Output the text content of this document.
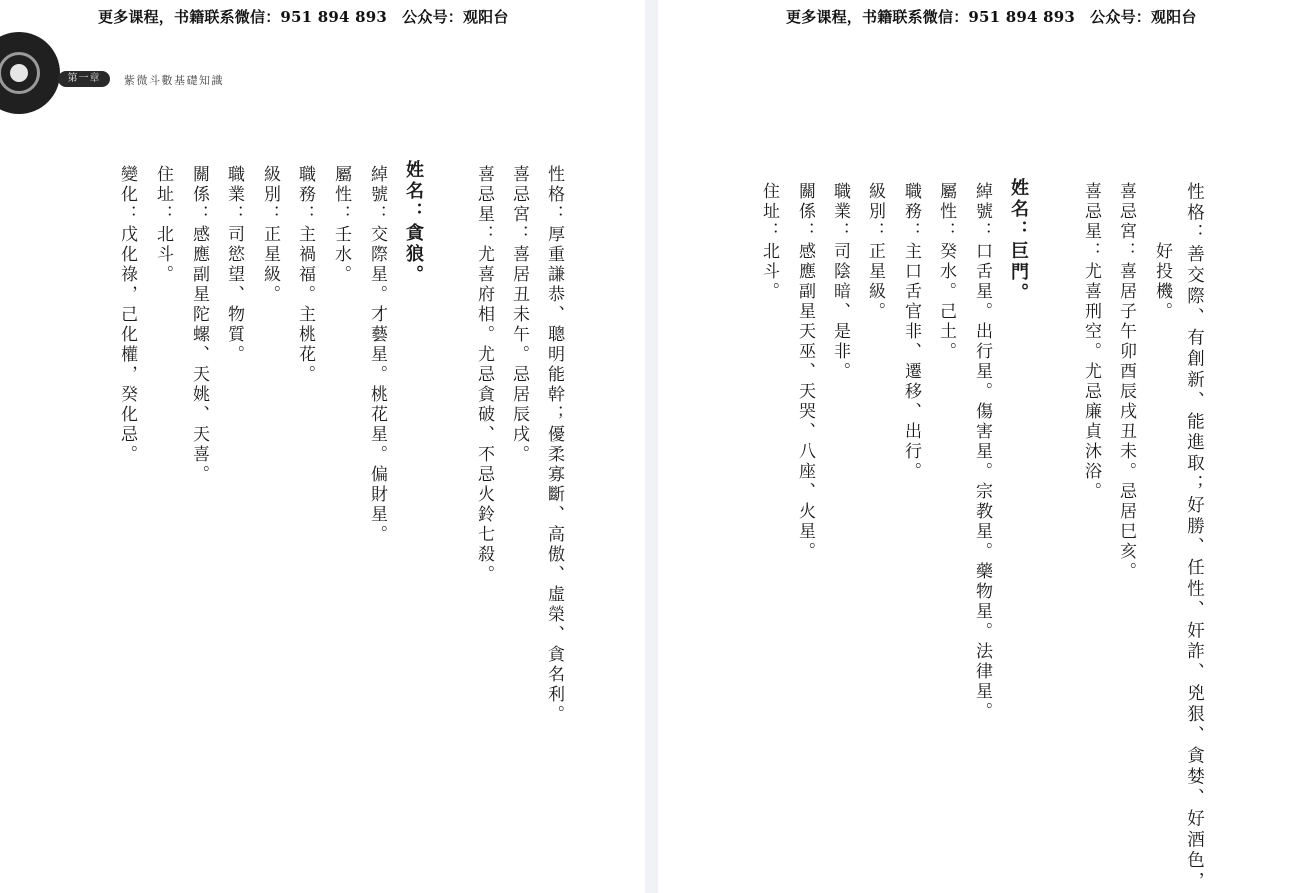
更多课程，书籍联系微信：951 894 893　公众号：观阳台
第一章	紫微斗數基礎知識
性格：厚重謙恭、聰明能幹；優柔寡斷、高傲、虛榮、貪名利。
喜忌宮：喜居丑未午。忌居辰戌。
喜忌星：尤喜府相。尤忌貪破、不忌火鈴七殺。
姓名：貪狼。
綽號：交際星。才藝星。桃花星。偏財星。
屬性：壬水。
職務：主禍福。主桃花。
級別：正星級。
職業：司慾望、物質。
關係：感應副星陀螺、天姚、天喜。
住址：北斗。
變化：戊化祿，己化權，癸化忌。
更多课程，书籍联系微信：951 894 893　公众号：观阳台
性格：善交際、有創新、能進取；好勝、任性、奸詐、兇狠、貪婪、好酒色，
好投機。
喜忌宮：喜居子午卯酉辰戌丑未。忌居巳亥。
喜忌星：尤喜刑空。尤忌廉貞沐浴。
姓名：巨門。
綽號：口舌星。出行星。傷害星。宗教星。藥物星。法律星。
屬性：癸水。己土。
職務：主口舌官非、遷移、出行。
級別：正星級。
職業：司陰暗、是非。
關係：感應副星天巫、天哭、八座、火星。
住址：北斗。
